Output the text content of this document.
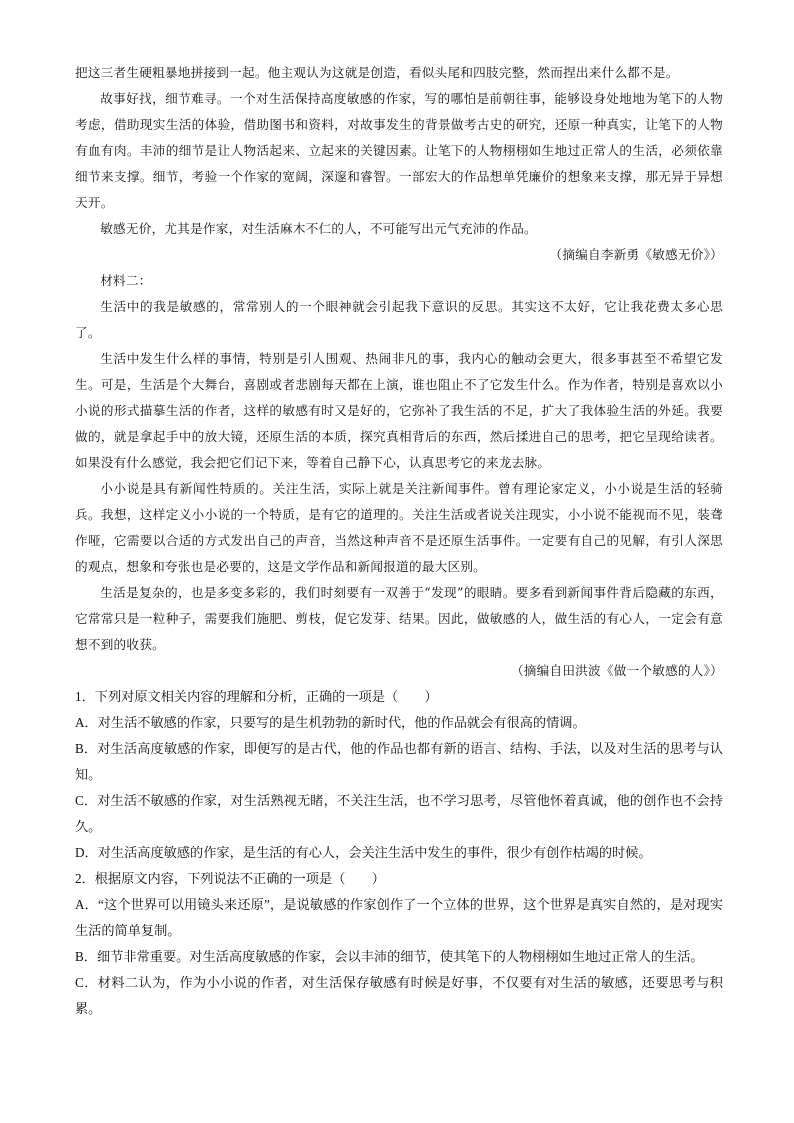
把这三者生硬粗暴地拼接到一起。他主观认为这就是创造，看似头尾和四肢完整，然而捏出来什么都不是。

故事好找，细节难寻。一个对生活保持高度敏感的作家，写的哪怕是前朝往事，能够设身处地地为笔下的人物考虑，借助现实生活的体验，借助图书和资料，对故事发生的背景做考古史的研究，还原一种真实，让笔下的人物有血有肉。丰沛的细节是让人物活起来、立起来的关键因素。让笔下的人物栩栩如生地过正常人的生活，必须依靠细节来支撑。细节，考验一个作家的宽阔，深邃和睿智。一部宏大的作品想单凭廉价的想象来支撑，那无异于异想天开。

敏感无价，尤其是作家，对生活麻木不仁的人，不可能写出元气充沛的作品。

（摘编自李新勇《敏感无价》）

材料二：

生活中的我是敏感的，常常别人的一个眼神就会引起我下意识的反思。其实这不太好，它让我花费太多心思了。

生活中发生什么样的事情，特别是引人围观、热闹非凡的事，我内心的触动会更大，很多事甚至不希望它发生。可是，生活是个大舞台，喜剧或者悲剧每天都在上演，谁也阻止不了它发生什么。作为作者，特别是喜欢以小小说的形式描摹生活的作者，这样的敏感有时又是好的，它弥补了我生活的不足，扩大了我体验生活的外延。我要做的，就是拿起手中的放大镜，还原生活的本质，探究真相背后的东西，然后揉进自己的思考，把它呈现给读者。如果没有什么感觉，我会把它们记下来，等着自己静下心，认真思考它的来龙去脉。

小小说是具有新闻性特质的。关注生活，实际上就是关注新闻事件。曾有理论家定义，小小说是生活的轻骑兵。我想，这样定义小小说的一个特质，是有它的道理的。关注生活或者说关注现实，小小说不能视而不见，装聋作哑，它需要以合适的方式发出自己的声音，当然这种声音不是还原生活事件。一定要有自己的见解，有引人深思的观点，想象和夸张也是必要的，这是文学作品和新闻报道的最大区别。

生活是复杂的，也是多变多彩的，我们时刻要有一双善于“发现”的眼睛。要多看到新闻事件背后隐藏的东西，它常常只是一粒种子，需要我们施肥、剪枝，促它发芽、结果。因此，做敏感的人，做生活的有心人，一定会有意想不到的收获。

（摘编自田洪波《做一个敏感的人》）

1．下列对原文相关内容的理解和分析，正确的一项是（　　）

A．对生活不敏感的作家，只要写的是生机勃勃的新时代，他的作品就会有很高的情调。

B．对生活高度敏感的作家，即便写的是古代，他的作品也都有新的语言、结构、手法，以及对生活的思考与认知。

C．对生活不敏感的作家，对生活熟视无睹，不关注生活，也不学习思考，尽管他怀着真诚，他的创作也不会持久。

D．对生活高度敏感的作家，是生活的有心人，会关注生活中发生的事件，很少有创作枯竭的时候。

2．根据原文内容，下列说法不正确的一项是（　　）

A．“这个世界可以用镜头来还原”，是说敏感的作家创作了一个立体的世界，这个世界是真实自然的，是对现实生活的简单复制。

B．细节非常重要。对生活高度敏感的作家，会以丰沛的细节，使其笔下的人物栩栩如生地过正常人的生活。

C．材料二认为，作为小小说的作者，对生活保存敏感有时候是好事，不仅要有对生活的敏感，还要思考与积累。
